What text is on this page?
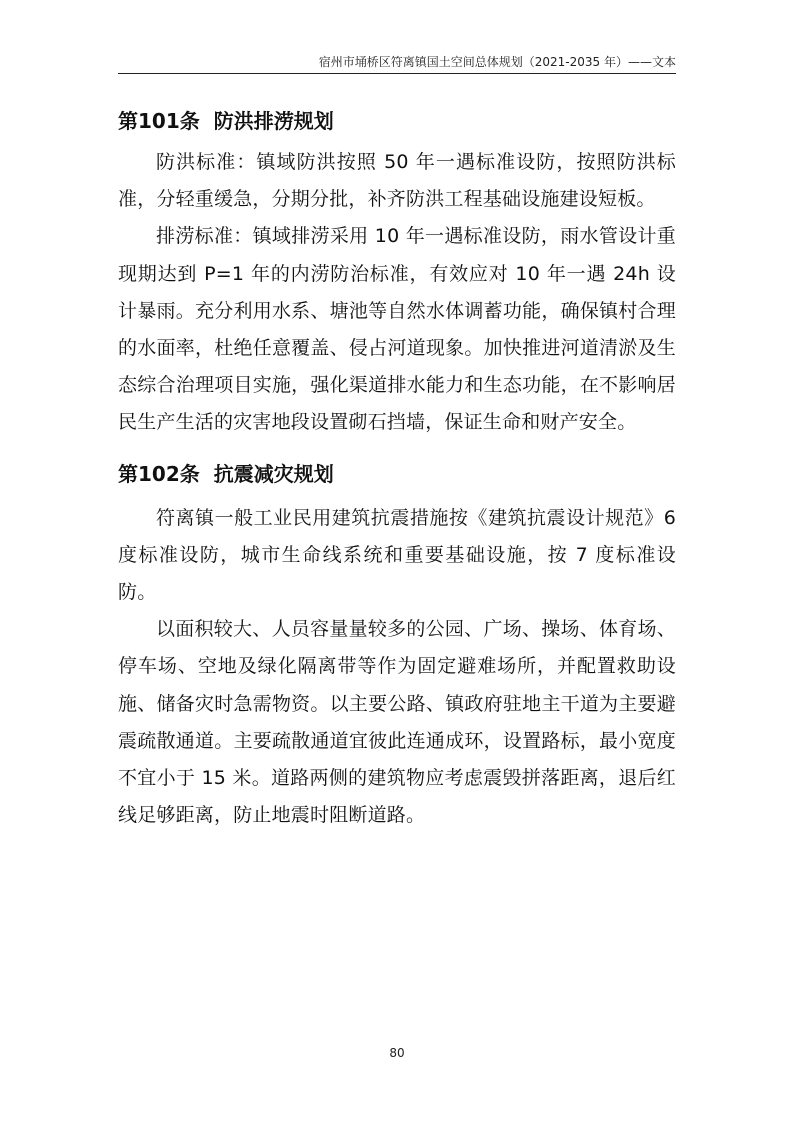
宿州市埇桥区符离镇国土空间总体规划（2021-2035 年）——文本
第101条 防洪排涝规划

防洪标准：镇域防洪按照 50 年一遇标准设防，按照防洪标准，分轻重缓急，分期分批，补齐防洪工程基础设施建设短板。

排涝标准：镇域排涝采用 10 年一遇标准设防，雨水管设计重现期达到 P=1 年的内涝防治标准，有效应对 10 年一遇 24h 设计暴雨。充分利用水系、塘池等自然水体调蓄功能，确保镇村合理的水面率，杜绝任意覆盖、侵占河道现象。加快推进河道清淤及生态综合治理项目实施，强化渠道排水能力和生态功能，在不影响居民生产生活的灾害地段设置砌石挡墙，保证生命和财产安全。

第102条 抗震减灾规划

符离镇一般工业民用建筑抗震措施按《建筑抗震设计规范》6 度标准设防，城市生命线系统和重要基础设施，按 7 度标准设防。

以面积较大、人员容量量较多的公园、广场、操场、体育场、停车场、空地及绿化隔离带等作为固定避难场所，并配置救助设施、储备灾时急需物资。以主要公路、镇政府驻地主干道为主要避震疏散通道。主要疏散通道宜彼此连通成环，设置路标，最小宽度不宜小于 15 米。道路两侧的建筑物应考虑震毁拼落距离，退后红线足够距离，防止地震时阻断道路。

80
